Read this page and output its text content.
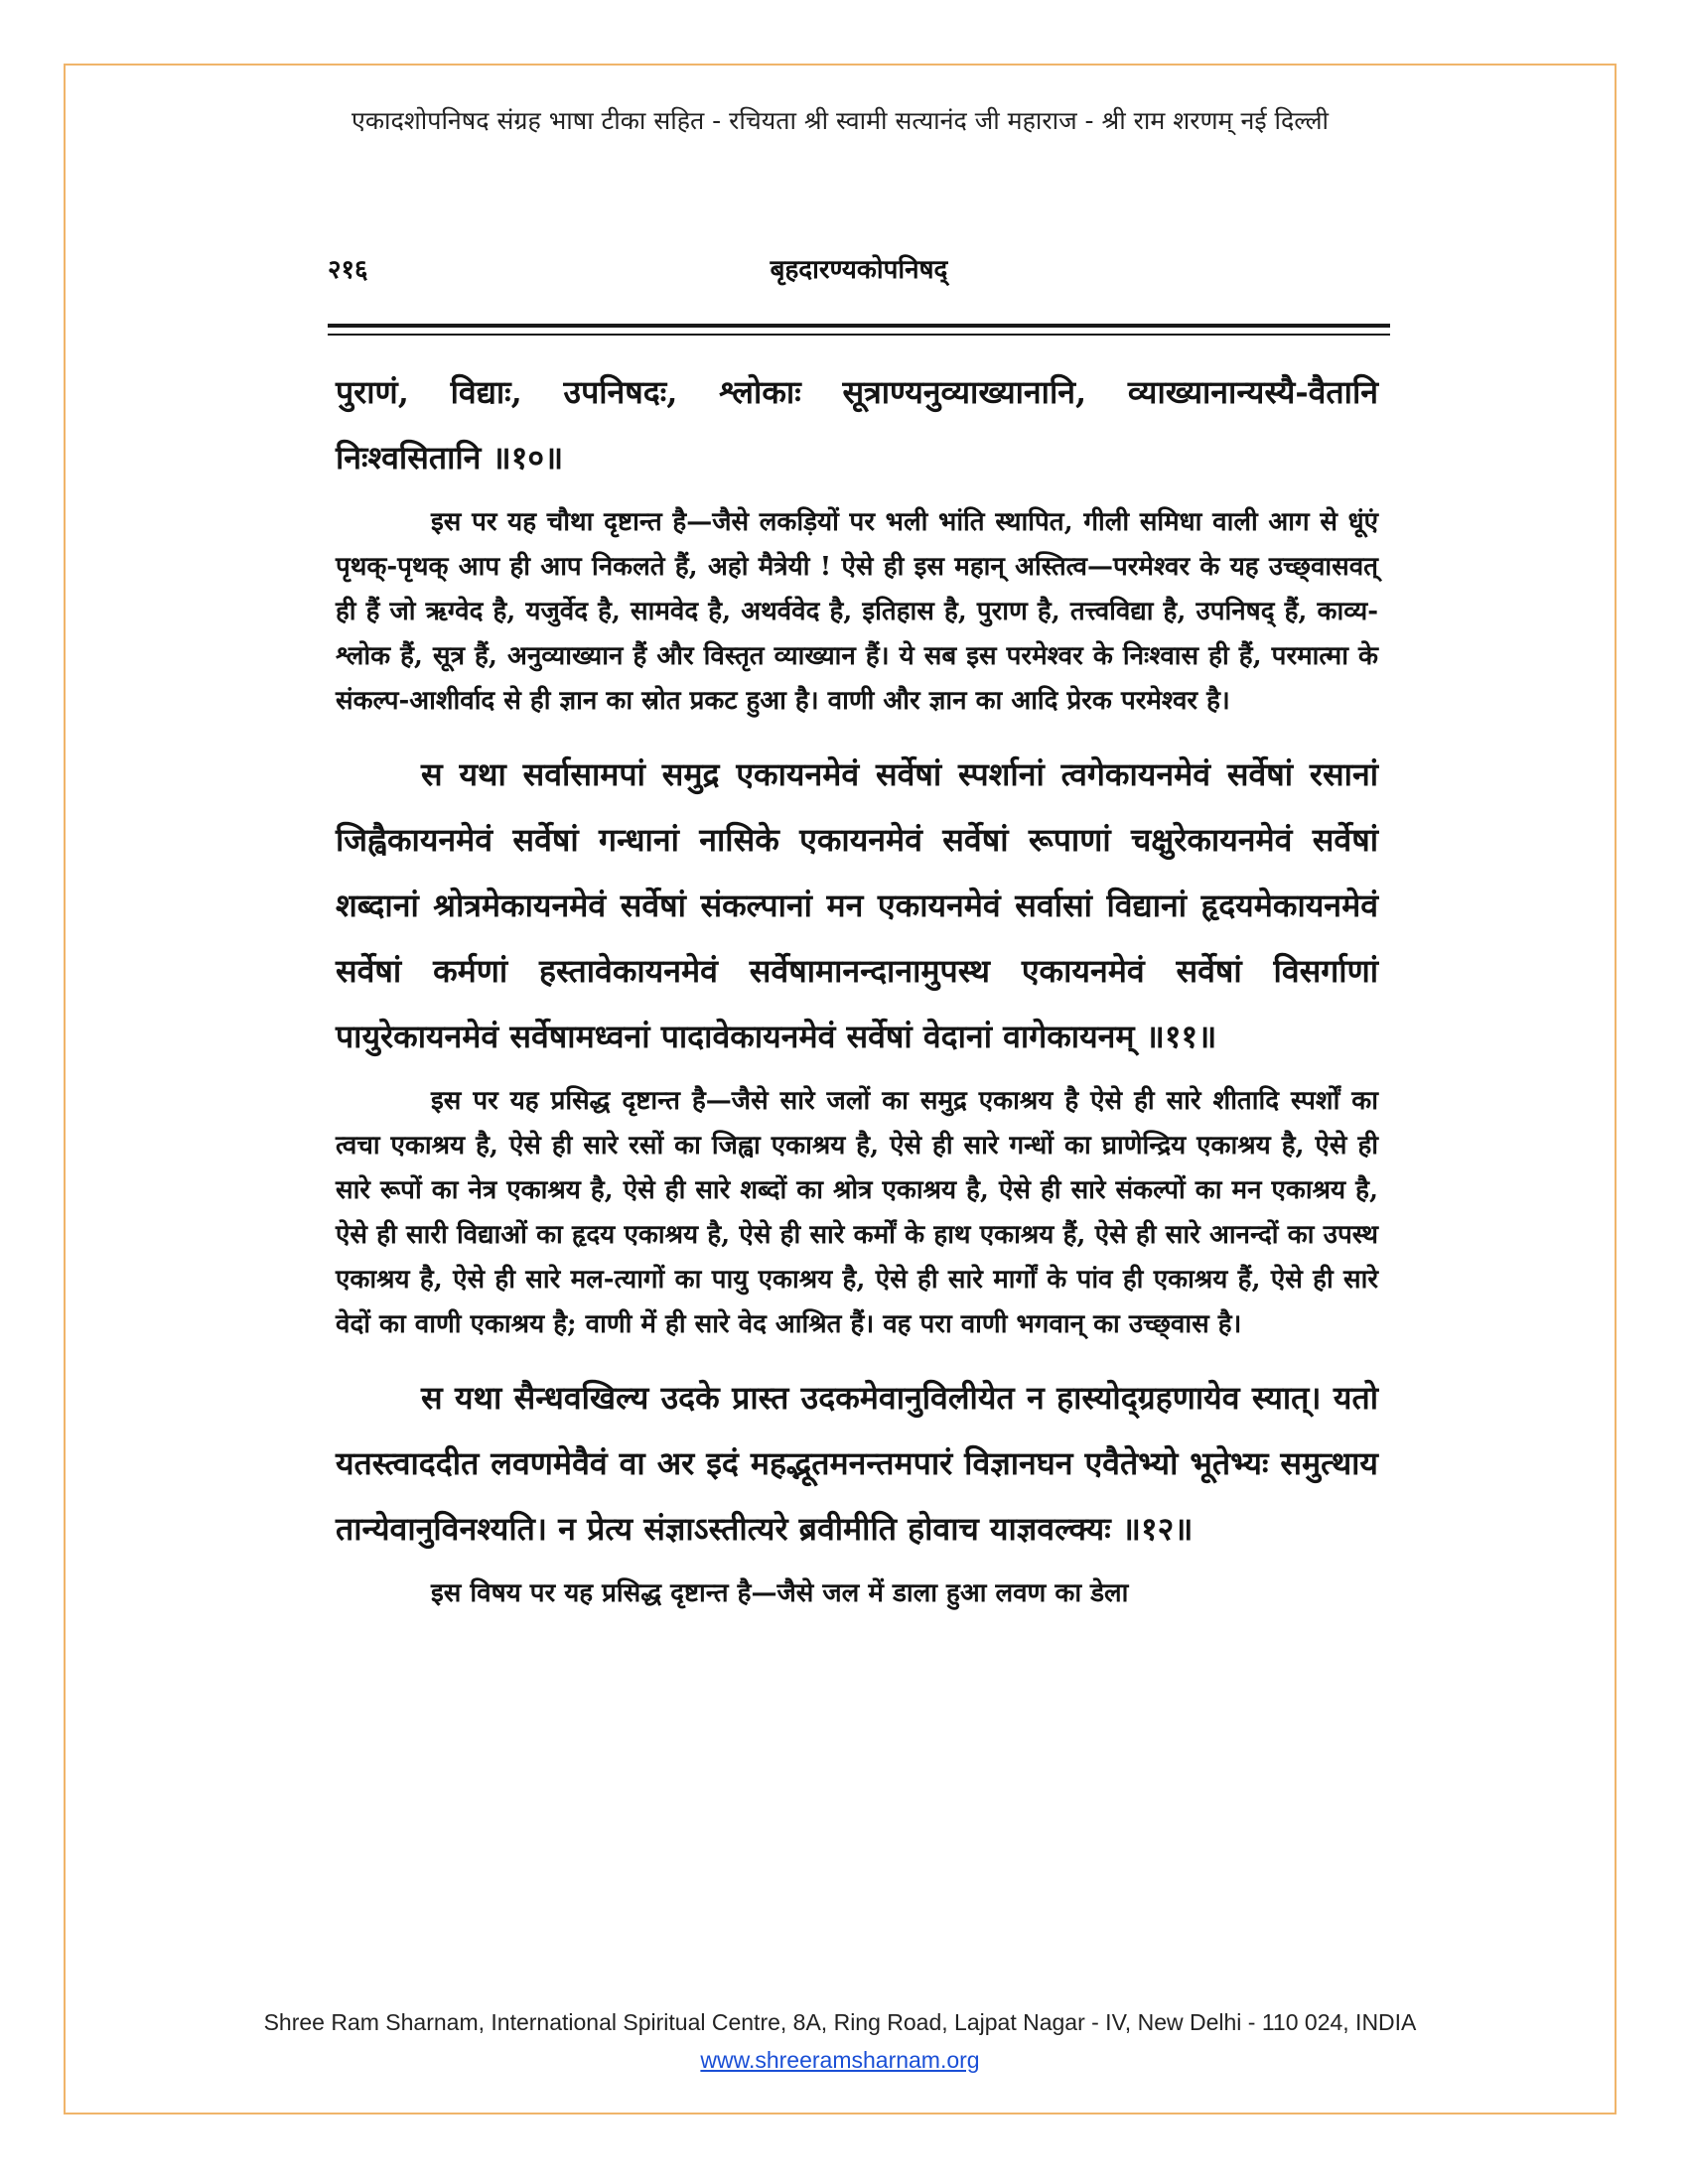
एकादशोपनिषद संग्रह भाषा टीका सहित - रचियता श्री स्वामी सत्यानंद जी महाराज - श्री राम शरणम् नई दिल्ली
२१६	बृहदारण्यकोपनिषद्

पुराणं, विद्याः, उपनिषदः, श्लोकाः सूत्राण्यनुव्याख्यानानि, व्याख्यानान्यस्यै-वैतानि निःश्वसितानि ॥१०॥

इस पर यह चौथा दृष्टान्त है—जैसे लकड़ियों पर भली भांति स्थापित, गीली समिधा वाली आग से धूंएं पृथक्-पृथक् आप ही आप निकलते हैं, अहो मैत्रेयी ! ऐसे ही इस महान् अस्तित्व—परमेश्वर के यह उच्छ्‌वासवत् ही हैं जो ऋग्वेद है, यजुर्वेद है, सामवेद है, अथर्ववेद है, इतिहास है, पुराण है, तत्त्वविद्या है, उपनिषद् हैं, काव्य-श्लोक हैं, सूत्र हैं, अनुव्याख्यान हैं और विस्तृत व्याख्यान हैं। ये सब इस परमेश्वर के निःश्वास ही हैं, परमात्मा के संकल्प-आशीर्वाद से ही ज्ञान का स्रोत प्रकट हुआ है। वाणी और ज्ञान का आदि प्रेरक परमेश्वर है।

स यथा सर्वासामपां समुद्र एकायनमेवं सर्वेषां स्पर्शानां त्वगेकायनमेवं सर्वेषां रसानां जिह्वैकायनमेवं सर्वेषां गन्धानां नासिके एकायनमेवं सर्वेषां रूपाणां चक्षुरेकायनमेवं सर्वेषां शब्दानां श्रोत्रमेकायनमेवं सर्वेषां संकल्पानां मन एकायनमेवं सर्वासां विद्यानां हृदयमेकायनमेवं सर्वेषां कर्मणां हस्तावेकायनमेवं सर्वेषामानन्दानामुपस्थ एकायनमेवं सर्वेषां विसर्गाणां पायुरेकायनमेवं सर्वेषामध्वनां पादावेकायनमेवं सर्वेषां वेदानां वागेकायनम् ॥११॥

इस पर यह प्रसिद्ध दृष्टान्त है—जैसे सारे जलों का समुद्र एकाश्रय है ऐसे ही सारे शीतादि स्पर्शों का त्वचा एकाश्रय है, ऐसे ही सारे रसों का जिह्वा एकाश्रय है, ऐसे ही सारे गन्धों का घ्राणेन्द्रिय एकाश्रय है, ऐसे ही सारे रूपों का नेत्र एकाश्रय है, ऐसे ही सारे शब्दों का श्रोत्र एकाश्रय है, ऐसे ही सारे संकल्पों का मन एकाश्रय है, ऐसे ही सारी विद्याओं का हृदय एकाश्रय है, ऐसे ही सारे कर्मों के हाथ एकाश्रय हैं, ऐसे ही सारे आनन्दों का उपस्थ एकाश्रय है, ऐसे ही सारे मल-त्यागों का पायु एकाश्रय है, ऐसे ही सारे मार्गों के पांव ही एकाश्रय हैं, ऐसे ही सारे वेदों का वाणी एकाश्रय है; वाणी में ही सारे वेद आश्रित हैं। वह परा वाणी भगवान् का उच्छ्‌वास है।

स यथा सैन्धवखिल्य उदके प्रास्त उदकमेवानुविलीयेत न हास्योद्ग्रहणायेव स्यात्। यतो यतस्त्वाददीत लवणमेवैवं वा अर इदं महद्भूतमनन्तमपारं विज्ञानघन एवैतेभ्यो भूतेभ्यः समुत्थाय तान्येवानुविनश्यति। न प्रेत्य संज्ञाऽस्तीत्यरे ब्रवीमीति होवाच याज्ञवल्क्यः ॥१२॥

इस विषय पर यह प्रसिद्ध दृष्टान्त है—जैसे जल में डाला हुआ लवण का डेला

Shree Ram Sharnam, International Spiritual Centre, 8A, Ring Road, Lajpat Nagar - IV, New Delhi - 110 024, INDIA
www.shreeramsharnam.org
